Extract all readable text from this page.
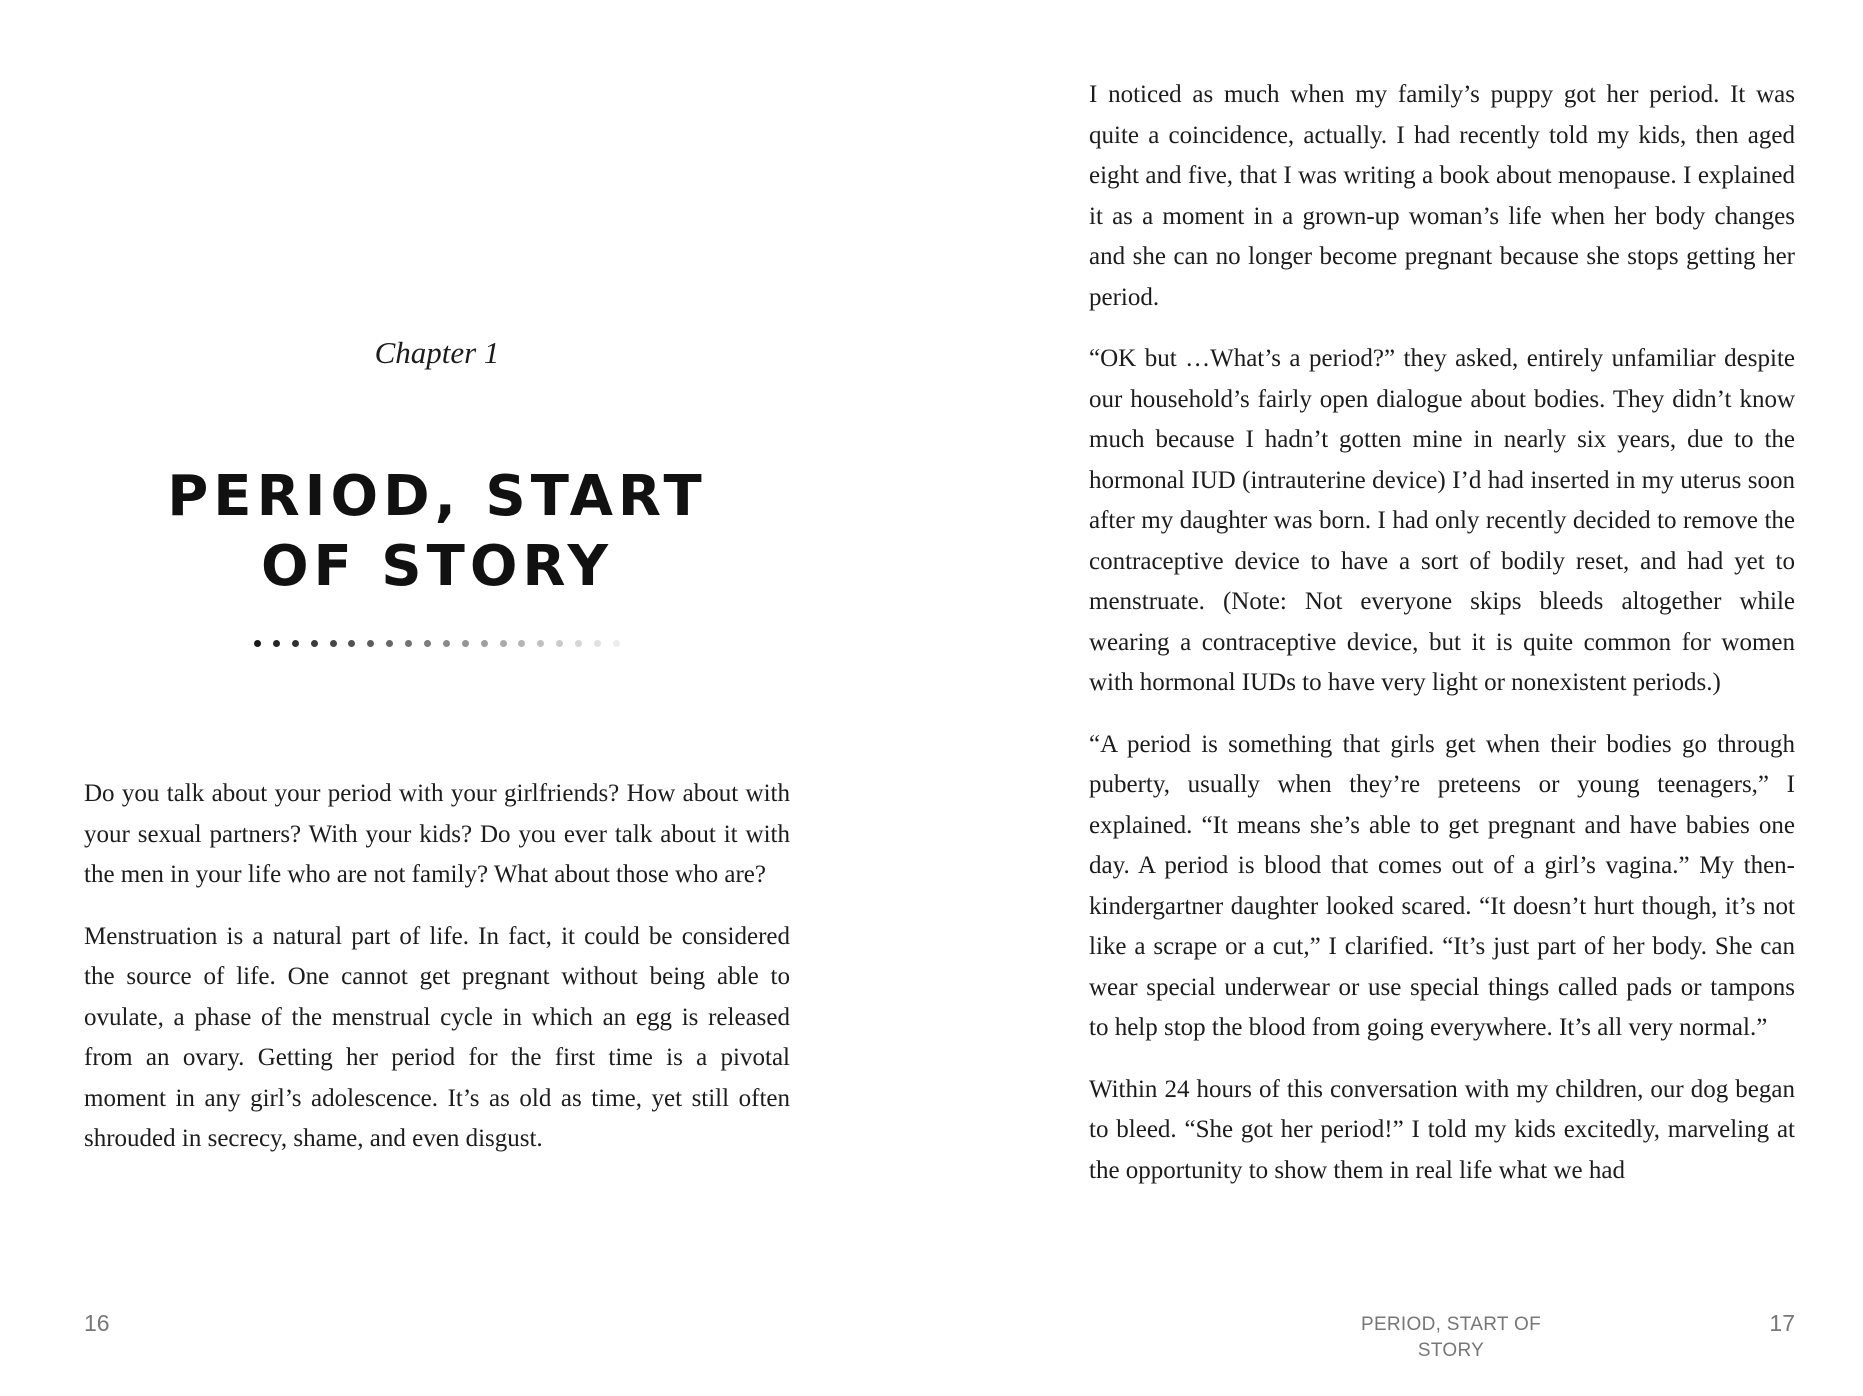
Chapter 1

PERIOD, START
OF STORY

Do you talk about your period with your girlfriends? How about with your sexual partners? With your kids? Do you ever talk about it with the men in your life who are not family? What about those who are?

Menstruation is a natural part of life. In fact, it could be considered the source of life. One cannot get pregnant without being able to ovulate, a phase of the menstrual cycle in which an egg is released from an ovary. Getting her period for the first time is a pivotal moment in any girl’s adolescence. It’s as old as time, yet still often shrouded in secrecy, shame, and even disgust.

16

I noticed as much when my family’s puppy got her period. It was quite a coincidence, actually. I had recently told my kids, then aged eight and five, that I was writing a book about menopause. I explained it as a moment in a grown-up woman’s life when her body changes and she can no longer become pregnant because she stops getting her period.

“OK but …What’s a period?” they asked, entirely unfamiliar despite our household’s fairly open dialogue about bodies. They didn’t know much because I hadn’t gotten mine in nearly six years, due to the hormonal IUD (intrauterine device) I’d had inserted in my uterus soon after my daughter was born. I had only recently decided to remove the contraceptive device to have a sort of bodily reset, and had yet to menstruate. (Note: Not everyone skips bleeds altogether while wearing a contraceptive device, but it is quite common for women with hormonal IUDs to have very light or nonexistent periods.)

“A period is something that girls get when their bodies go through puberty, usually when they’re preteens or young teenagers,” I explained. “It means she’s able to get pregnant and have babies one day. A period is blood that comes out of a girl’s vagina.” My then-kindergartner daughter looked scared. “It doesn’t hurt though, it’s not like a scrape or a cut,” I clarified. “It’s just part of her body. She can wear special underwear or use special things called pads or tampons to help stop the blood from going everywhere. It’s all very normal.”

Within 24 hours of this conversation with my children, our dog began to bleed. “She got her period!” I told my kids excitedly, marveling at the opportunity to show them in real life what we had

PERIOD, START OF STORY
17
